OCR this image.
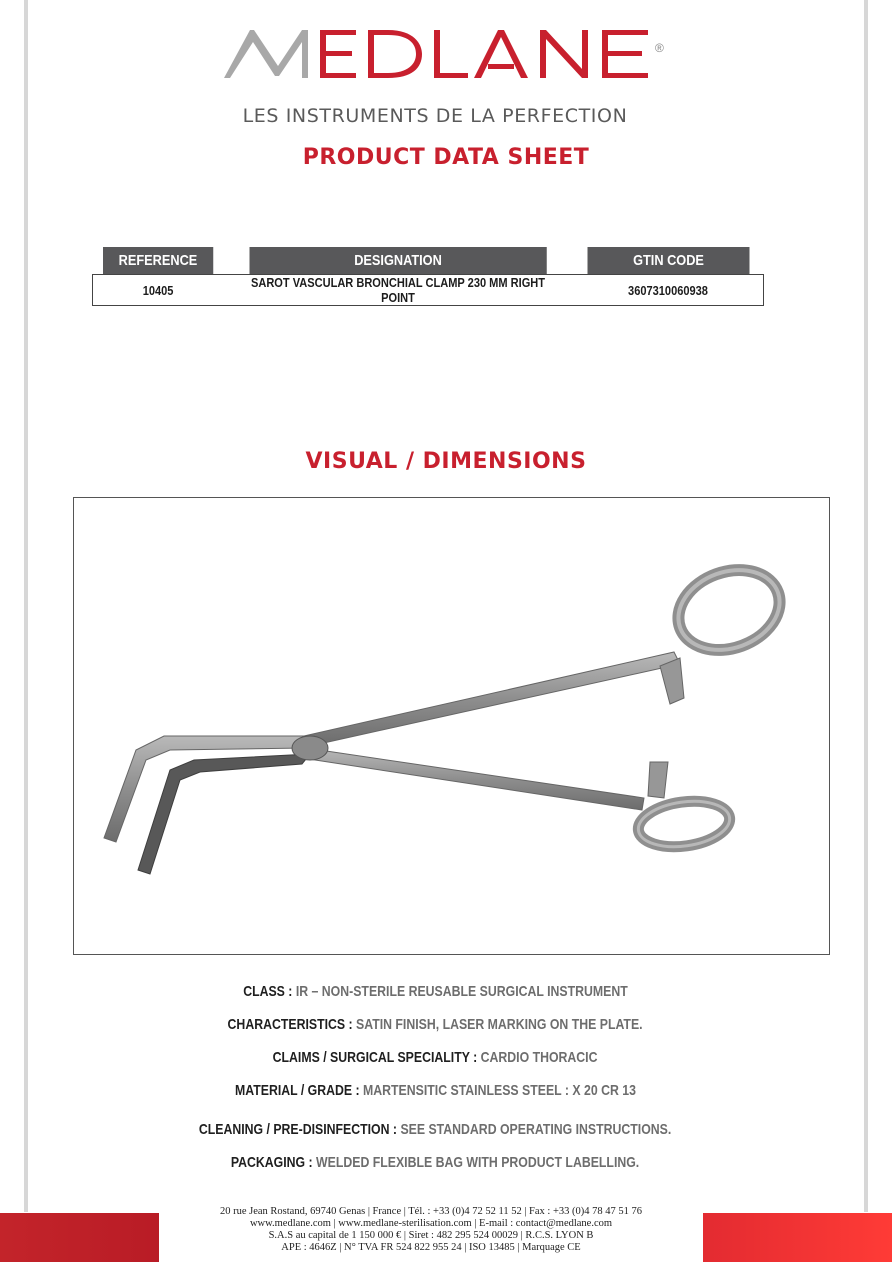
®
LES INSTRUMENTS DE LA PERFECTION
PRODUCT DATA SHEET
REFERENCE	DESIGNATION	GTIN CODE
10405	SAROT VASCULAR BRONCHIAL CLAMP 230 MM RIGHT POINT	3607310060938
VISUAL / DIMENSIONS
CLASS : IR – NON-STERILE REUSABLE SURGICAL INSTRUMENT
CHARACTERISTICS : SATIN FINISH, LASER MARKING ON THE PLATE.
CLAIMS / SURGICAL SPECIALITY : CARDIO THORACIC
MATERIAL / GRADE : MARTENSITIC STAINLESS STEEL : X 20 CR 13
CLEANING / PRE-DISINFECTION : SEE STANDARD OPERATING INSTRUCTIONS.
PACKAGING : WELDED FLEXIBLE BAG WITH PRODUCT LABELLING.
20 rue Jean Rostand, 69740 Genas | France | Tél. : +33 (0)4 72 52 11 52 | Fax : +33 (0)4 78 47 51 76
www.medlane.com | www.medlane-sterilisation.com | E-mail : contact@medlane.com
S.A.S au capital de 1 150 000 € | Siret : 482 295 524 00029 | R.C.S. LYON B
APE : 4646Z | N° TVA FR 524 822 955 24 | ISO 13485 | Marquage CE
